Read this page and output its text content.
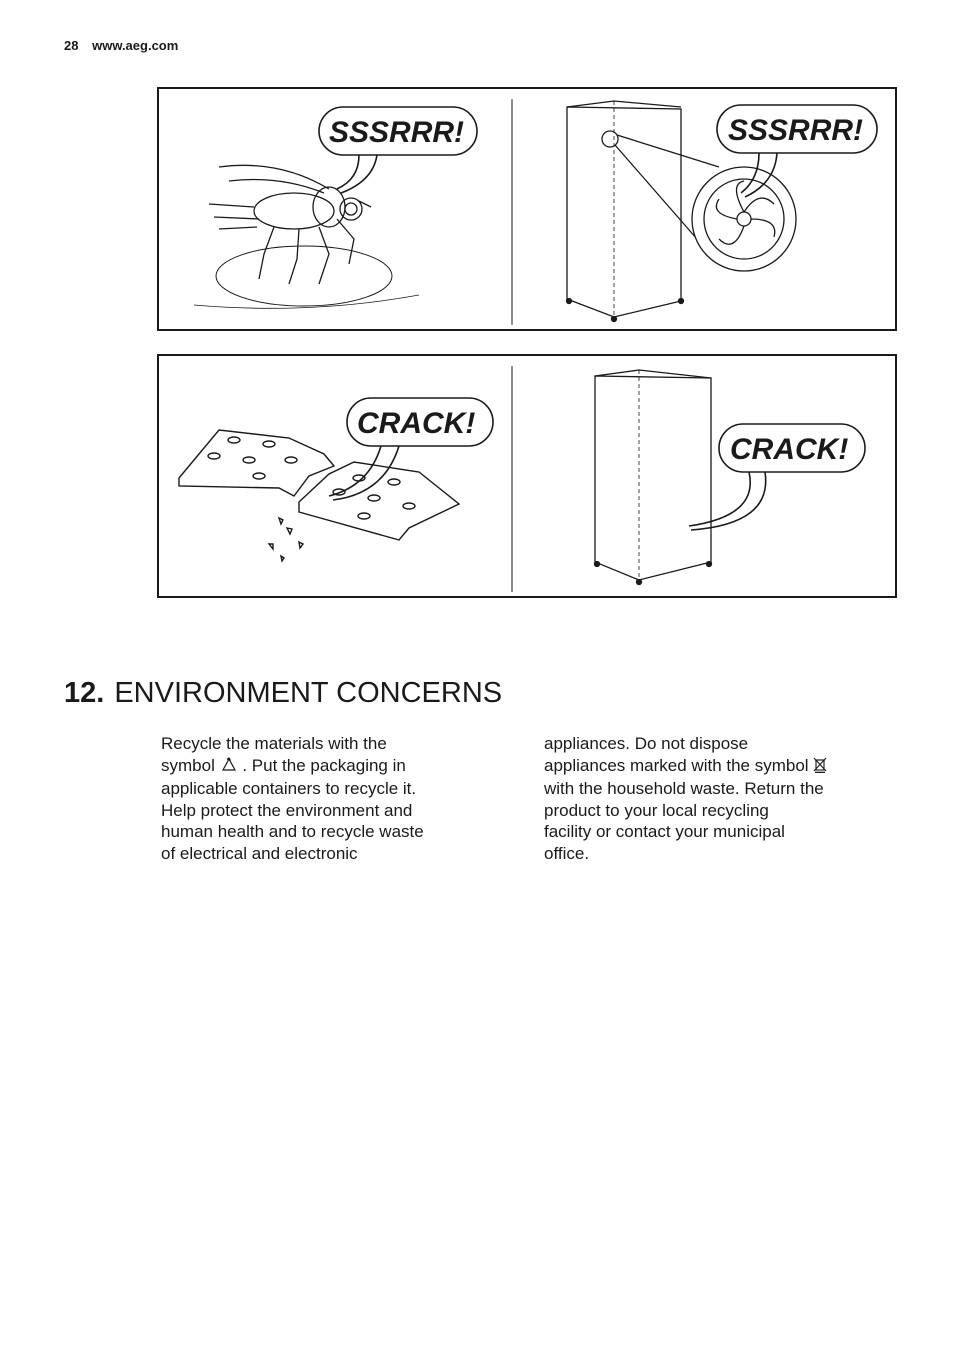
28 www.aeg.com
SSSRRR!	SSSRRR!
CRACK!
CRACK!
12. ENVIRONMENT CONCERNS
Recycle the materials with the
symbol . Put the packaging in
applicable containers to recycle it.
Help protect the environment and
human health and to recycle waste
of electrical and electronic
appliances. Do not dispose
appliances marked with the symbol
with the household waste. Return the
product to your local recycling
facility or contact your municipal
office.
